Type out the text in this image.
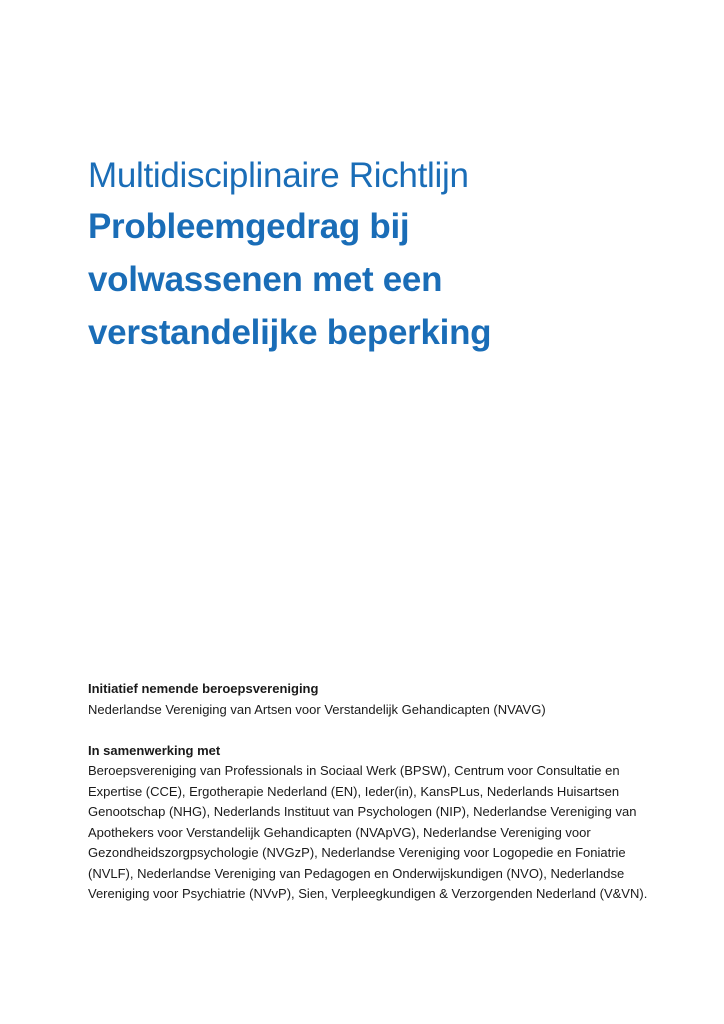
Multidisciplinaire Richtlijn
Probleemgedrag bij
volwassenen met een
verstandelijke beperking

Initiatief nemende beroepsvereniging

Nederlandse Vereniging van Artsen voor Verstandelijk Gehandicapten (NVAVG)

In samenwerking met

Beroepsvereniging van Professionals in Sociaal Werk (BPSW), Centrum voor Consultatie en Expertise (CCE), Ergotherapie Nederland (EN), Ieder(in), KansPLus, Nederlands Huisartsen Genootschap (NHG), Nederlands Instituut van Psychologen (NIP), Nederlandse Vereniging van Apothekers voor Verstandelijk Gehandicapten (NVApVG), Nederlandse Vereniging voor Gezondheidszorgpsychologie (NVGzP), Nederlandse Vereniging voor Logopedie en Foniatrie (NVLF), Nederlandse Vereniging van Pedagogen en Onderwijskundigen (NVO), Nederlandse Vereniging voor Psychiatrie (NVvP), Sien, Verpleegkundigen & Verzorgenden Nederland (V&VN).
